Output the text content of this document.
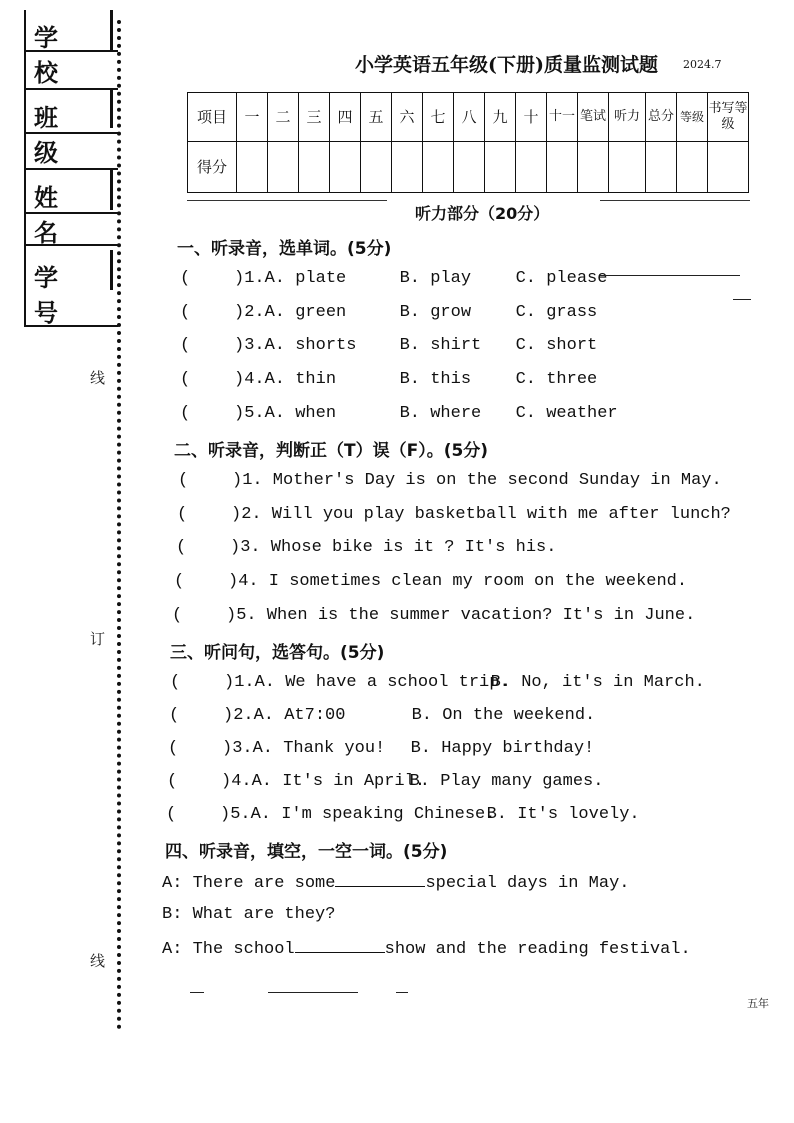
学 校
班 级
姓 名
学 号
线
订
线
小学英语五年级(下册)质量监测试题 2024.7
项目	一	二	三	四	五	六	七	八	九	十	十一	笔试	听力	总分	等级	书写等级
得分																
听力部分（20分）
一、听录音，选单词。(5分)
(	)1.A. plate	B. play	C. please
(	)2.A. green	B. grow	C. grass
(	)3.A. shorts	B. shirt C. short
(	)4.A. thin	B. this	C. three
(	)5.A. when	B. where C. weather
二、听录音，判断正（T）误（F）。(5分)
(	)1. Mother's Day is on the second Sunday in May.
(	)2. Will you play basketball with me after lunch?
(	)3. Whose bike is it ? It's his.
(	)4. I sometimes clean my room on the weekend.
(	)5. When is the summer vacation? It's in June.
三、听问句，选答句。(5分)
(	)1.A. We have a school trip.B. No, it's in March.
(	)2.A. At7:00	B. On the weekend.
(	)3.A. Thank you! B. Happy birthday!
(	)4.A. It's in April.B. Play many games.
(	)5.A. I'm speaking Chinese.B. It's lovely.
四、听录音，填空，一空一词。(5分)
A: There are some	special days in May.
B: What are they?
A: The school	show and the reading festival.
五年
